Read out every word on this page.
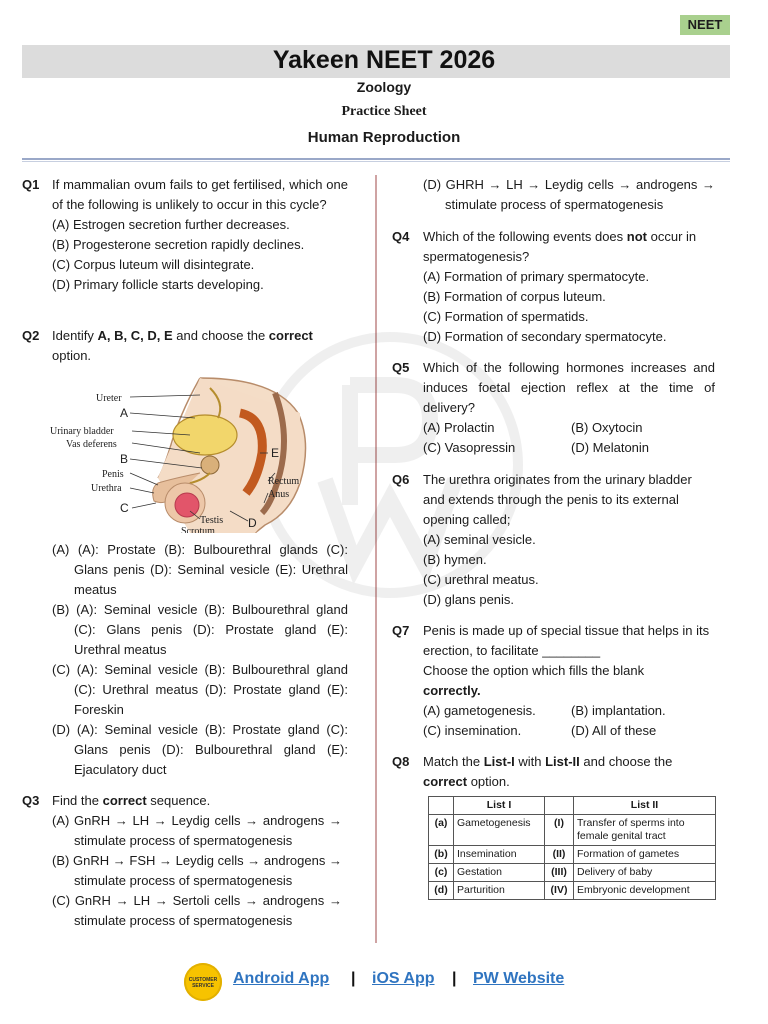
NEET
Yakeen NEET 2026
Zoology
Practice Sheet
Human Reproduction
Q1 If mammalian ovum fails to get fertilised, which one of the following is unlikely to occur in this cycle?
(A) Estrogen secretion further decreases.
(B) Progesterone secretion rapidly declines.
(C) Corpus luteum will disintegrate.
(D) Primary follicle starts developing.
Q2 Identify A, B, C, D, E and choose the correct option.
Ureter
A
Urinary bladder
Vas deferens
B
Penis
Urethra
C
E
Rectum
Anus
Testis
Scrotum
D
(A) (A): Prostate (B): Bulbourethral glands (C): Glans penis (D): Seminal vesicle (E): Urethral meatus
(B) (A): Seminal vesicle (B): Bulbourethral gland (C): Glans penis (D): Prostate gland (E): Urethral meatus
(C) (A): Seminal vesicle (B): Bulbourethral gland (C): Urethral meatus (D): Prostate gland (E): Foreskin
(D) (A): Seminal vesicle (B): Prostate gland (C): Glans penis (D): Bulbourethral gland (E): Ejaculatory duct
Q3 Find the correct sequence.
(A) GnRH → LH → Leydig cells → androgens → stimulate process of spermatogenesis
(B) GnRH → FSH → Leydig cells → androgens → stimulate process of spermatogenesis
(C) GnRH → LH → Sertoli cells → androgens → stimulate process of spermatogenesis
(D) GHRH → LH → Leydig cells → androgens → stimulate process of spermatogenesis
Q4 Which of the following events does not occur in spermatogenesis?
(A) Formation of primary spermatocyte.
(B) Formation of corpus luteum.
(C) Formation of spermatids.
(D) Formation of secondary spermatocyte.
Q5 Which of the following hormones increases and induces foetal ejection reflex at the time of delivery?
(A) Prolactin	(B) Oxytocin
(C) Vasopressin	(D) Melatonin
Q6 The urethra originates from the urinary bladder and extends through the penis to its external opening called;
(A) seminal vesicle.
(B) hymen.
(C) urethral meatus.
(D) glans penis.
Q7 Penis is made up of special tissue that helps in its erection, to facilitate ________
Choose the option which fills the blank
correctly.
(A) gametogenesis.	(B) implantation.
(C) insemination.	(D) All of these
Q8 Match the List-I with List-II and choose the
correct option.
	List I		List II
(a)	Gametogenesis	(I)	Transfer of sperms into female genital tract
(b)	Insemination	(II)	Formation of gametes
(c)	Gestation	(III)	Delivery of baby
(d)	Parturition	(IV)	Embryonic development
CUSTOMER SERVICE	Android App | iOS App | PW Website
